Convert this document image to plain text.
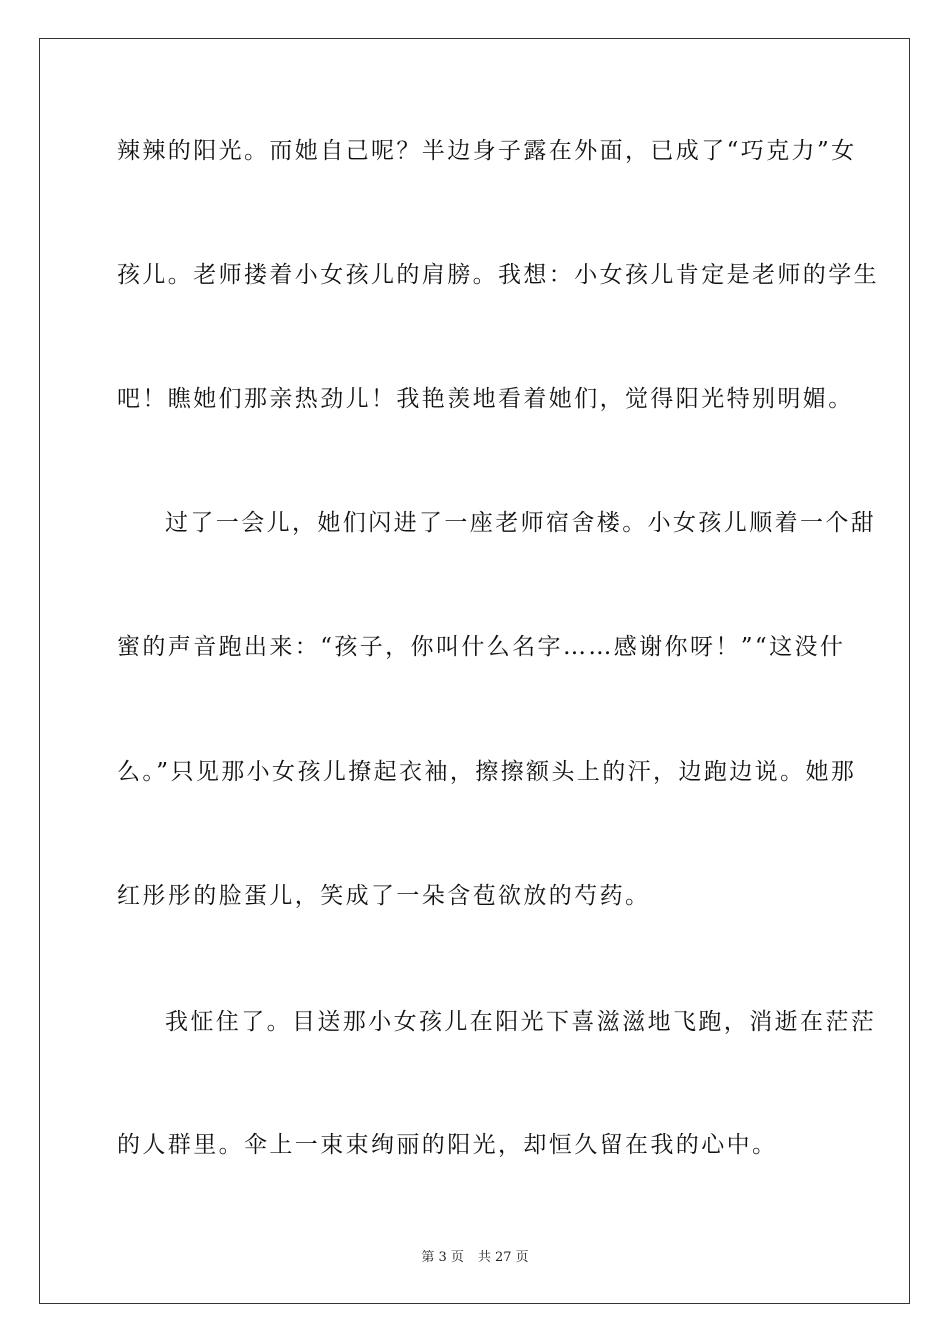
辣辣的阳光。而她自己呢？半边身子露在外面，已成了“巧克力”女
孩儿。老师搂着小女孩儿的肩膀。我想：小女孩儿肯定是老师的学生
吧！瞧她们那亲热劲儿！我艳羡地看着她们，觉得阳光特别明媚。
过了一会儿，她们闪进了一座老师宿舍楼。小女孩儿顺着一个甜
蜜的声音跑出来：“孩子，你叫什么名字……感谢你呀！”“这没什
么。”只见那小女孩儿撩起衣袖，擦擦额头上的汗，边跑边说。她那
红彤彤的脸蛋儿，笑成了一朵含苞欲放的芍药。
我怔住了。目送那小女孩儿在阳光下喜滋滋地飞跑，消逝在茫茫
的人群里。伞上一束束绚丽的阳光，却恒久留在我的心中。
第 3 页 共 27 页
